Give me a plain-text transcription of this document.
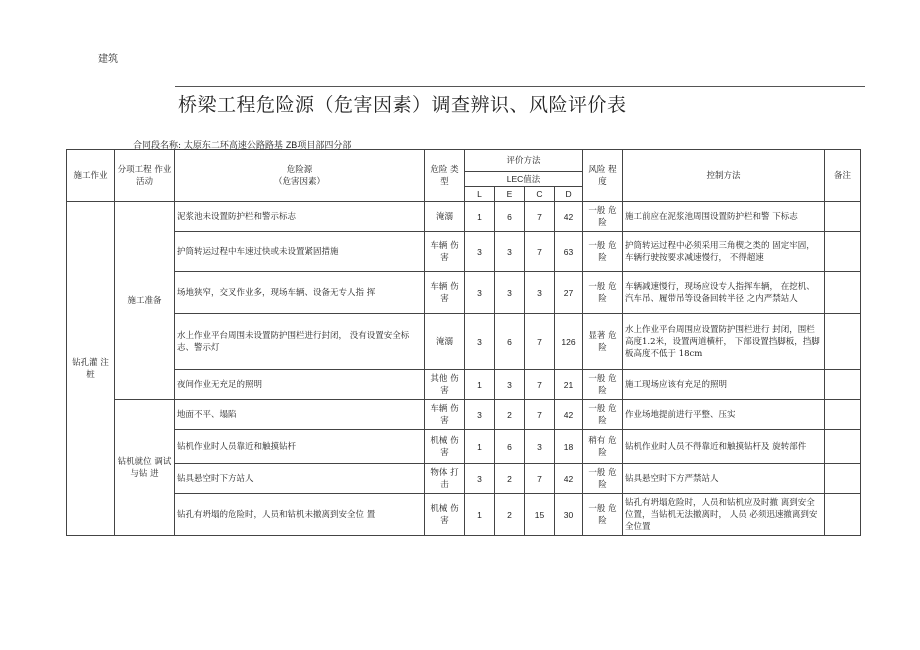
建筑
桥梁工程危险源（危害因素）调查辨识、风险评价表
合同段名称: 太原东二环高速公路路基 ZB项目部四分部
施工作业	分项工程 作业活动	危险源
（危害因素）	危险 类型	评价方法				风险 程度	控制方法	备注
				LEC值法						
				L	E	C	D			
钻孔灌 注桩	施工准备	泥浆池未设置防护栏和警示标志	淹溺	1	6	7	42	一般 危险	施工前应在泥浆池周围设置防护栏和警 下标志	
		护筒转运过程中车速过快或未设置紧固措施	车辆 伤害	3	3	7	63	一般 危险	护筒转运过程中必须采用三角楔之类的 固定牢固，车辆行驶按要求减速慢行， 不得超速	
		场地狭窄，交叉作业多，现场车辆、设备无专人指 挥	车辆 伤害	3	3	3	27	一般 危险	车辆减速慢行，现场应设专人指挥车辆， 在挖机、汽车吊、履带吊等设备回转半径 之内严禁站人	
		水上作业平台周围未设置防护围栏进行封闭， 没有设置安全标志、警示灯	淹溺	3	6	7	126	显著 危险	水上作业平台周围应设置防护围栏进行 封闭，围栏高度1.2米，设置两道横杆， 下部设置挡脚板，挡脚板高度不低于 18cm	
		夜间作业无充足的照明	其他 伤害	1	3	7	21	一般 危险	施工现场应该有充足的照明	
	钻机就位 调试与钻 进	地面不平、塌陷	车辆 伤害	3	2	7	42	一般 危险	作业场地提前进行平整、压实	
		钻机作业时人员靠近和触摸钻杆	机械 伤害	1	6	3	18	稍有 危险	钻机作业时人员不得靠近和触摸钻杆及 旋转部件	
		钻具悬空时下方站人	物体 打击	3	2	7	42	一般 危险	钻具悬空时下方严禁站人	
		钻孔有坍塌的危险时，人员和钻机未撤离到安全位 置	机械 伤害	1	2	15	30	一般 危险	钻孔有坍塌危险时，人员和钻机应及时撤 离到安全位置，当钻机无法撤离时， 人员 必须迅速撤离到安全位置	
